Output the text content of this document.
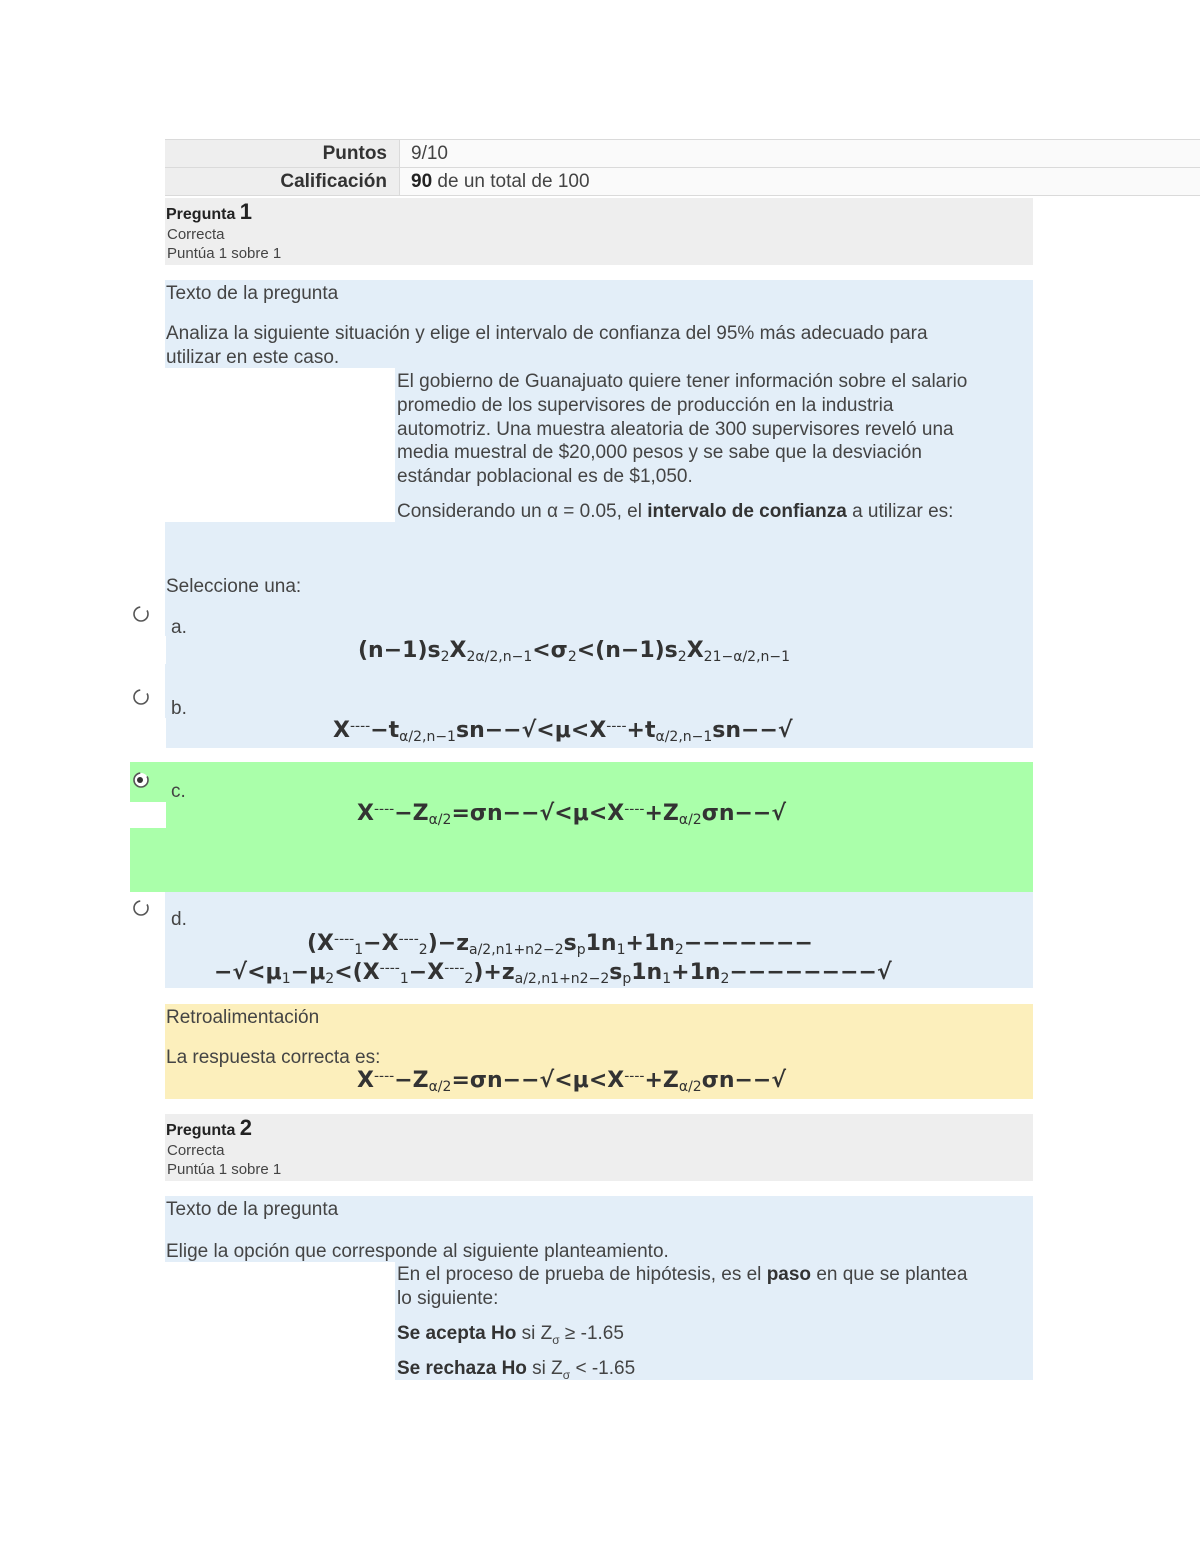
Puntos	9/10
Calificación	90 de un total de 100
Pregunta 1
Correcta
Puntúa 1 sobre 1
Texto de la pregunta
Analiza la siguiente situación y elige el intervalo de confianza del 95% más adecuado para
utilizar en este caso.
El gobierno de Guanajuato quiere tener información sobre el salario
promedio de los supervisores de producción en la industria
automotriz. Una muestra aleatoria de 300 supervisores reveló una
media muestral de $20,000 pesos y se sabe que la desviación
estándar poblacional es de $1,050.
Considerando un α = 0.05, el intervalo de confianza a utilizar es:
Seleccione una:
a.
$(n-1)s_2X_{2\alpha/2,n-1}<\sigma_2<(n-1)s_2X_{21-\alpha/2,n-1}$
b.
$X^{----}-t_{\alpha/2,n-1}sn--√<\mu<X^{----}+t_{\alpha/2,n-1}sn--√$
c.
$X^{----}-Z_{\alpha/2}=\sigma n--√<\mu<X^{----}+Z_{\alpha/2}\sigma n--√$
d.
$(X^{----}_1-X^{----}_2)-z_{a/2,n1+n2-2}s_p1n_1+1n_2-------$
$-√<\mu_1-\mu_2<(X^{----}_1-X^{----}_2)+z_{a/2,n1+n2-2}s_p1n_1+1n_2--------√$
Retroalimentación
La respuesta correcta es:
$X^{----}-Z_{\alpha/2}=\sigma n--√<\mu<X^{----}+Z_{\alpha/2}\sigma n--√$
Pregunta 2
Correcta
Puntúa 1 sobre 1
Texto de la pregunta
Elige la opción que corresponde al siguiente planteamiento.
En el proceso de prueba de hipótesis, es el paso en que se plantea
lo siguiente:
Se acepta Ho si $Z_\sigma \ge -1.65$
Se rechaza Ho si $Z_\sigma < -1.65$
